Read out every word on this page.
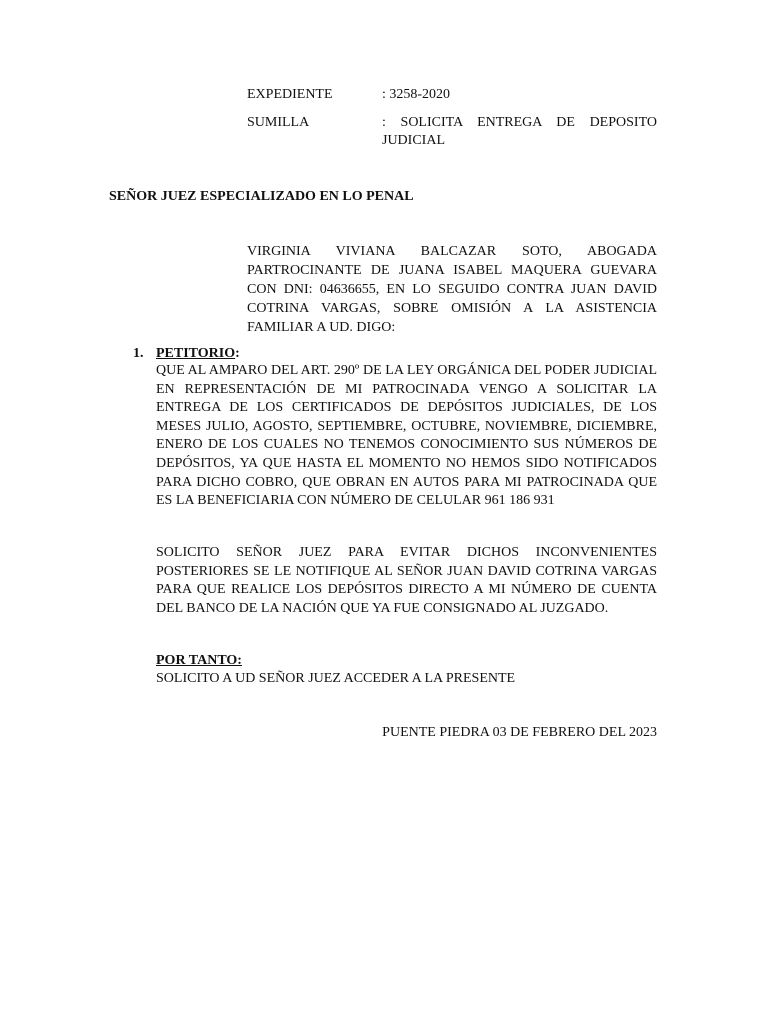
EXPEDIENTE	: 3258-2020
SUMILLA	: SOLICITA ENTREGA DE DEPOSITO JUDICIAL
SEÑOR JUEZ ESPECIALIZADO EN LO PENAL
VIRGINIA VIVIANA BALCAZAR SOTO, ABOGADA PARTROCINANTE DE JUANA ISABEL MAQUERA GUEVARA CON DNI: 04636655, EN LO SEGUIDO CONTRA JUAN DAVID COTRINA VARGAS, SOBRE OMISIÓN A LA ASISTENCIA FAMILIAR A UD. DIGO:
1. PETITORIO:
QUE AL AMPARO DEL ART. 290º DE LA LEY ORGÁNICA DEL PODER JUDICIAL EN REPRESENTACIÓN DE MI PATROCINADA VENGO A SOLICITAR LA ENTREGA DE LOS CERTIFICADOS DE DEPÓSITOS JUDICIALES, DE LOS MESES JULIO, AGOSTO, SEPTIEMBRE, OCTUBRE, NOVIEMBRE, DICIEMBRE, ENERO DE LOS CUALES NO TENEMOS CONOCIMIENTO SUS NÚMEROS DE DEPÓSITOS, YA QUE HASTA EL MOMENTO NO HEMOS SIDO NOTIFICADOS PARA DICHO COBRO, QUE OBRAN EN AUTOS PARA MI PATROCINADA QUE ES LA BENEFICIARIA CON NÚMERO DE CELULAR 961 186 931
SOLICITO SEÑOR JUEZ PARA EVITAR DICHOS INCONVENIENTES POSTERIORES SE LE NOTIFIQUE AL SEÑOR JUAN DAVID COTRINA VARGAS PARA QUE REALICE LOS DEPÓSITOS DIRECTO A MI NÚMERO DE CUENTA DEL BANCO DE LA NACIÓN QUE YA FUE CONSIGNADO AL JUZGADO.
POR TANTO:
SOLICITO A UD SEÑOR JUEZ ACCEDER A LA PRESENTE
PUENTE PIEDRA 03 DE FEBRERO DEL 2023
